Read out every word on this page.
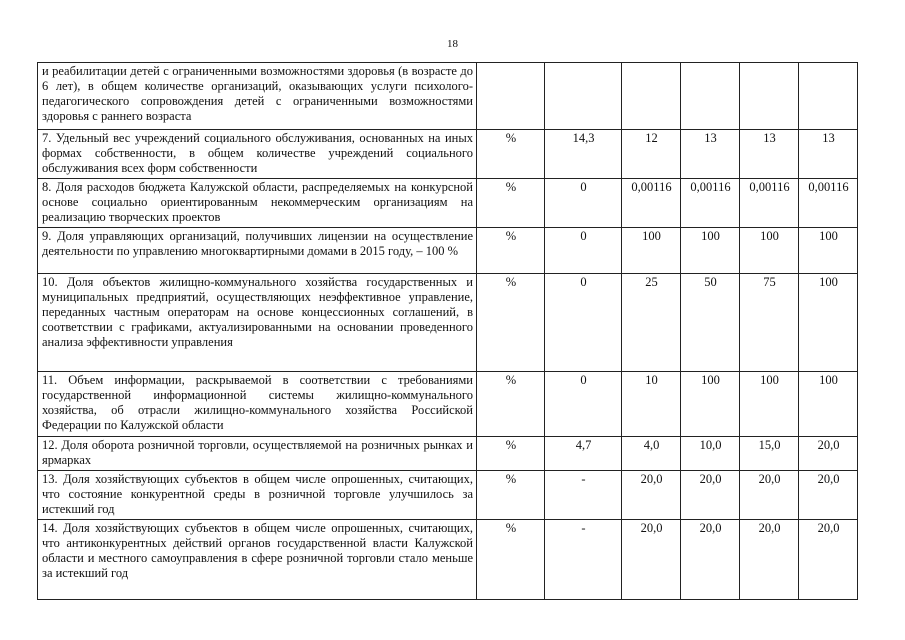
18
и реабилитации детей с ограниченными возможностями здоровья (в возрасте до 6 лет), в общем количестве организаций, оказывающих услуги психолого-педагогического сопровождения детей с ограниченными возможностями здоровья с раннего возраста						
7. Удельный вес учреждений социального обслуживания, основанных на иных формах собственности, в общем количестве учреждений социального обслуживания всех форм собственности	%	14,3	12	13	13	13
8. Доля расходов бюджета Калужской области, распределяемых на конкурсной основе социально ориентированным некоммерческим организациям на реализацию творческих проектов	%	0	0,00116	0,00116	0,00116	0,00116
9. Доля управляющих организаций, получивших лицензии на осуществление деятельности по управлению многоквартирными домами в 2015 году, – 100 %	%	0	100	100	100	100
10. Доля объектов жилищно-коммунального хозяйства государственных и муниципальных предприятий, осуществляющих неэффективное управление, переданных частным операторам на основе концессионных соглашений, в соответствии с графиками, актуализированными на основании проведенного анализа эффективности управления	%	0	25	50	75	100
11. Объем информации, раскрываемой в соответствии с требованиями государственной информационной системы жилищно-коммунального хозяйства, об отрасли жилищно-коммунального хозяйства Российской Федерации по Калужской области	%	0	10	100	100	100
12. Доля оборота розничной торговли, осуществляемой на розничных рынках и ярмарках	%	4,7	4,0	10,0	15,0	20,0
13. Доля хозяйствующих субъектов в общем числе опрошенных, считающих, что состояние конкурентной среды в розничной торговле улучшилось за истекший год	%	-	20,0	20,0	20,0	20,0
14. Доля хозяйствующих субъектов в общем числе опрошенных, считающих, что антиконкурентных действий органов государственной власти Калужской области и местного самоуправления в сфере розничной торговли стало меньше за истекший год	%	-	20,0	20,0	20,0	20,0
